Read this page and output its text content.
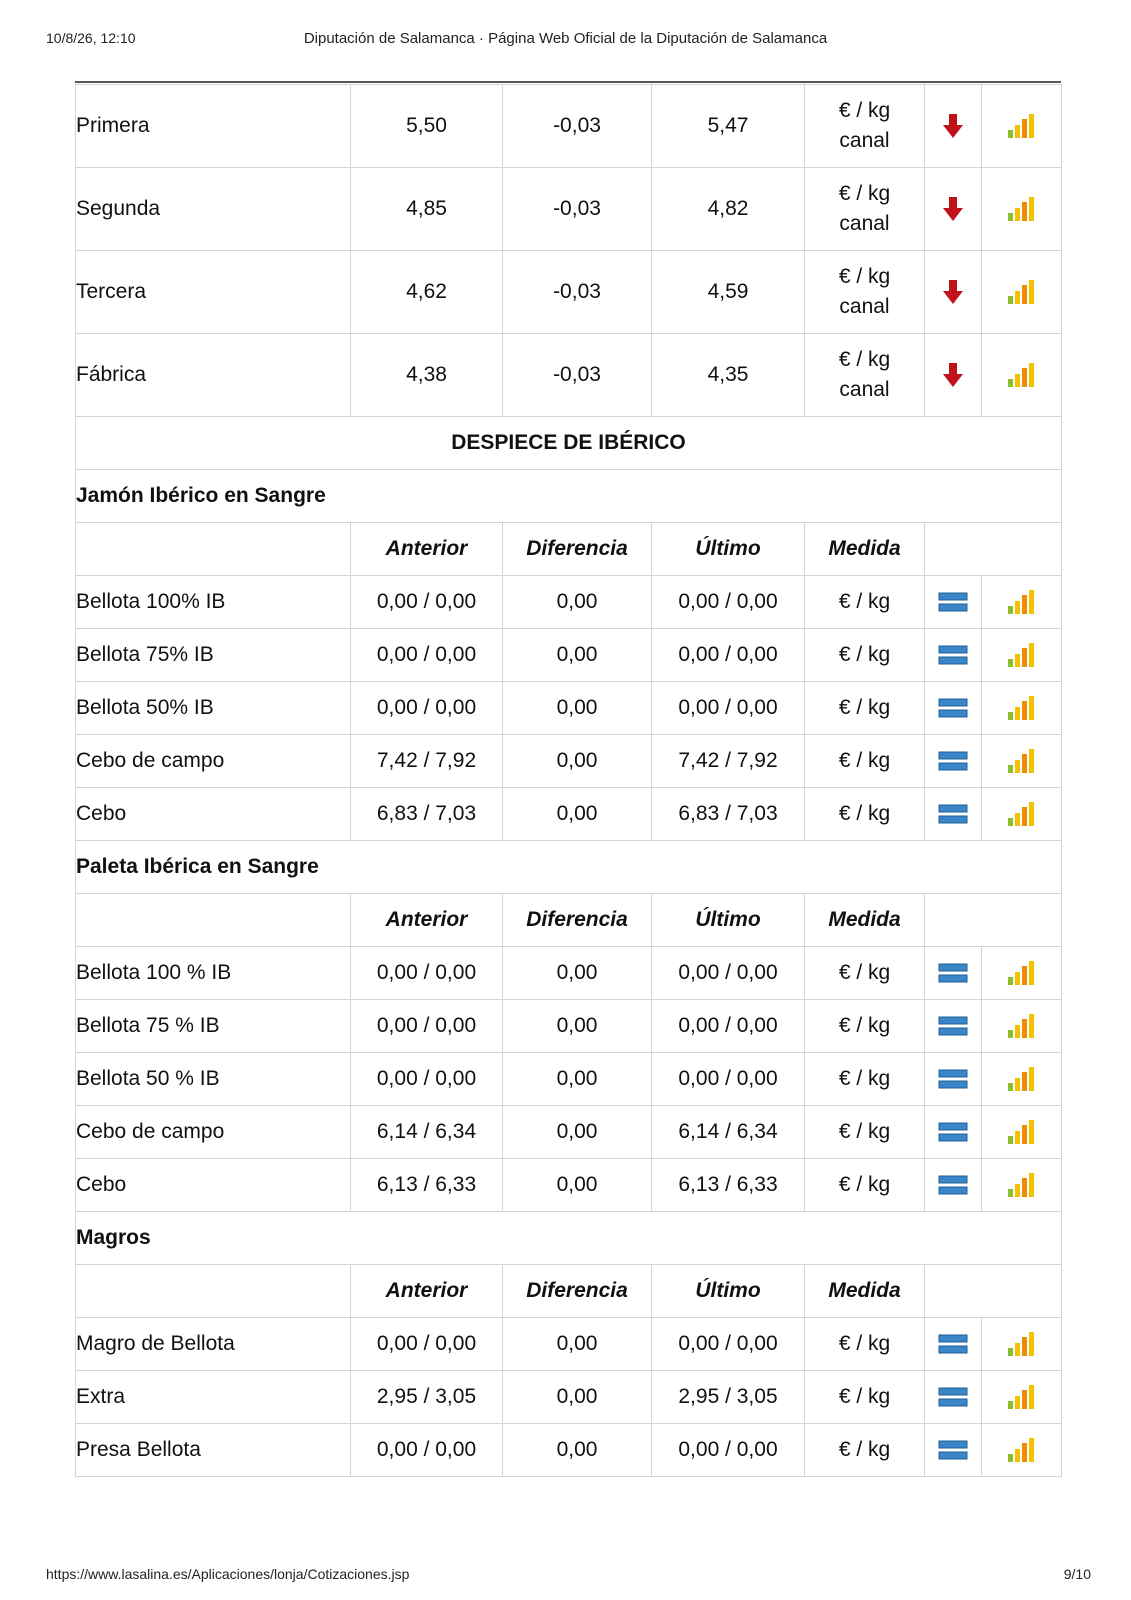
10/8/26, 12:10	Diputación de Salamanca · Página Web Oficial de la Diputación de Salamanca
Primera	5,50	-0,03	5,47	€ / kg
canal

Segunda	4,85	-0,03	4,82	€ / kg
canal

Tercera	4,62	-0,03	4,59	€ / kg
canal

Fábrica	4,38	-0,03	4,35	€ / kg
canal

DESPIECE DE IBÉRICO						
Jamón Ibérico en Sangre						
	Anterior	Diferencia	Último	Medida		
Bellota 100% IB	0,00 / 0,00	0,00	0,00 / 0,00	€ / kg		
Bellota 75% IB	0,00 / 0,00	0,00	0,00 / 0,00	€ / kg		
Bellota 50% IB	0,00 / 0,00	0,00	0,00 / 0,00	€ / kg		
Cebo de campo	7,42 / 7,92	0,00	7,42 / 7,92	€ / kg		
Cebo	6,83 / 7,03	0,00	6,83 / 7,03	€ / kg		
Paleta Ibérica en Sangre						
	Anterior	Diferencia	Último	Medida		
Bellota 100 % IB	0,00 / 0,00	0,00	0,00 / 0,00	€ / kg		
Bellota 75 % IB	0,00 / 0,00	0,00	0,00 / 0,00	€ / kg		
Bellota 50 % IB	0,00 / 0,00	0,00	0,00 / 0,00	€ / kg		
Cebo de campo	6,14 / 6,34	0,00	6,14 / 6,34	€ / kg		
Cebo	6,13 / 6,33	0,00	6,13 / 6,33	€ / kg		
Magros						
	Anterior	Diferencia	Último	Medida		
Magro de Bellota	0,00 / 0,00	0,00	0,00 / 0,00	€ / kg		
Extra	2,95 / 3,05	0,00	2,95 / 3,05	€ / kg		
Presa Bellota	0,00 / 0,00	0,00	0,00 / 0,00	€ / kg		
https://www.lasalina.es/Aplicaciones/lonja/Cotizaciones.jsp	9/10
